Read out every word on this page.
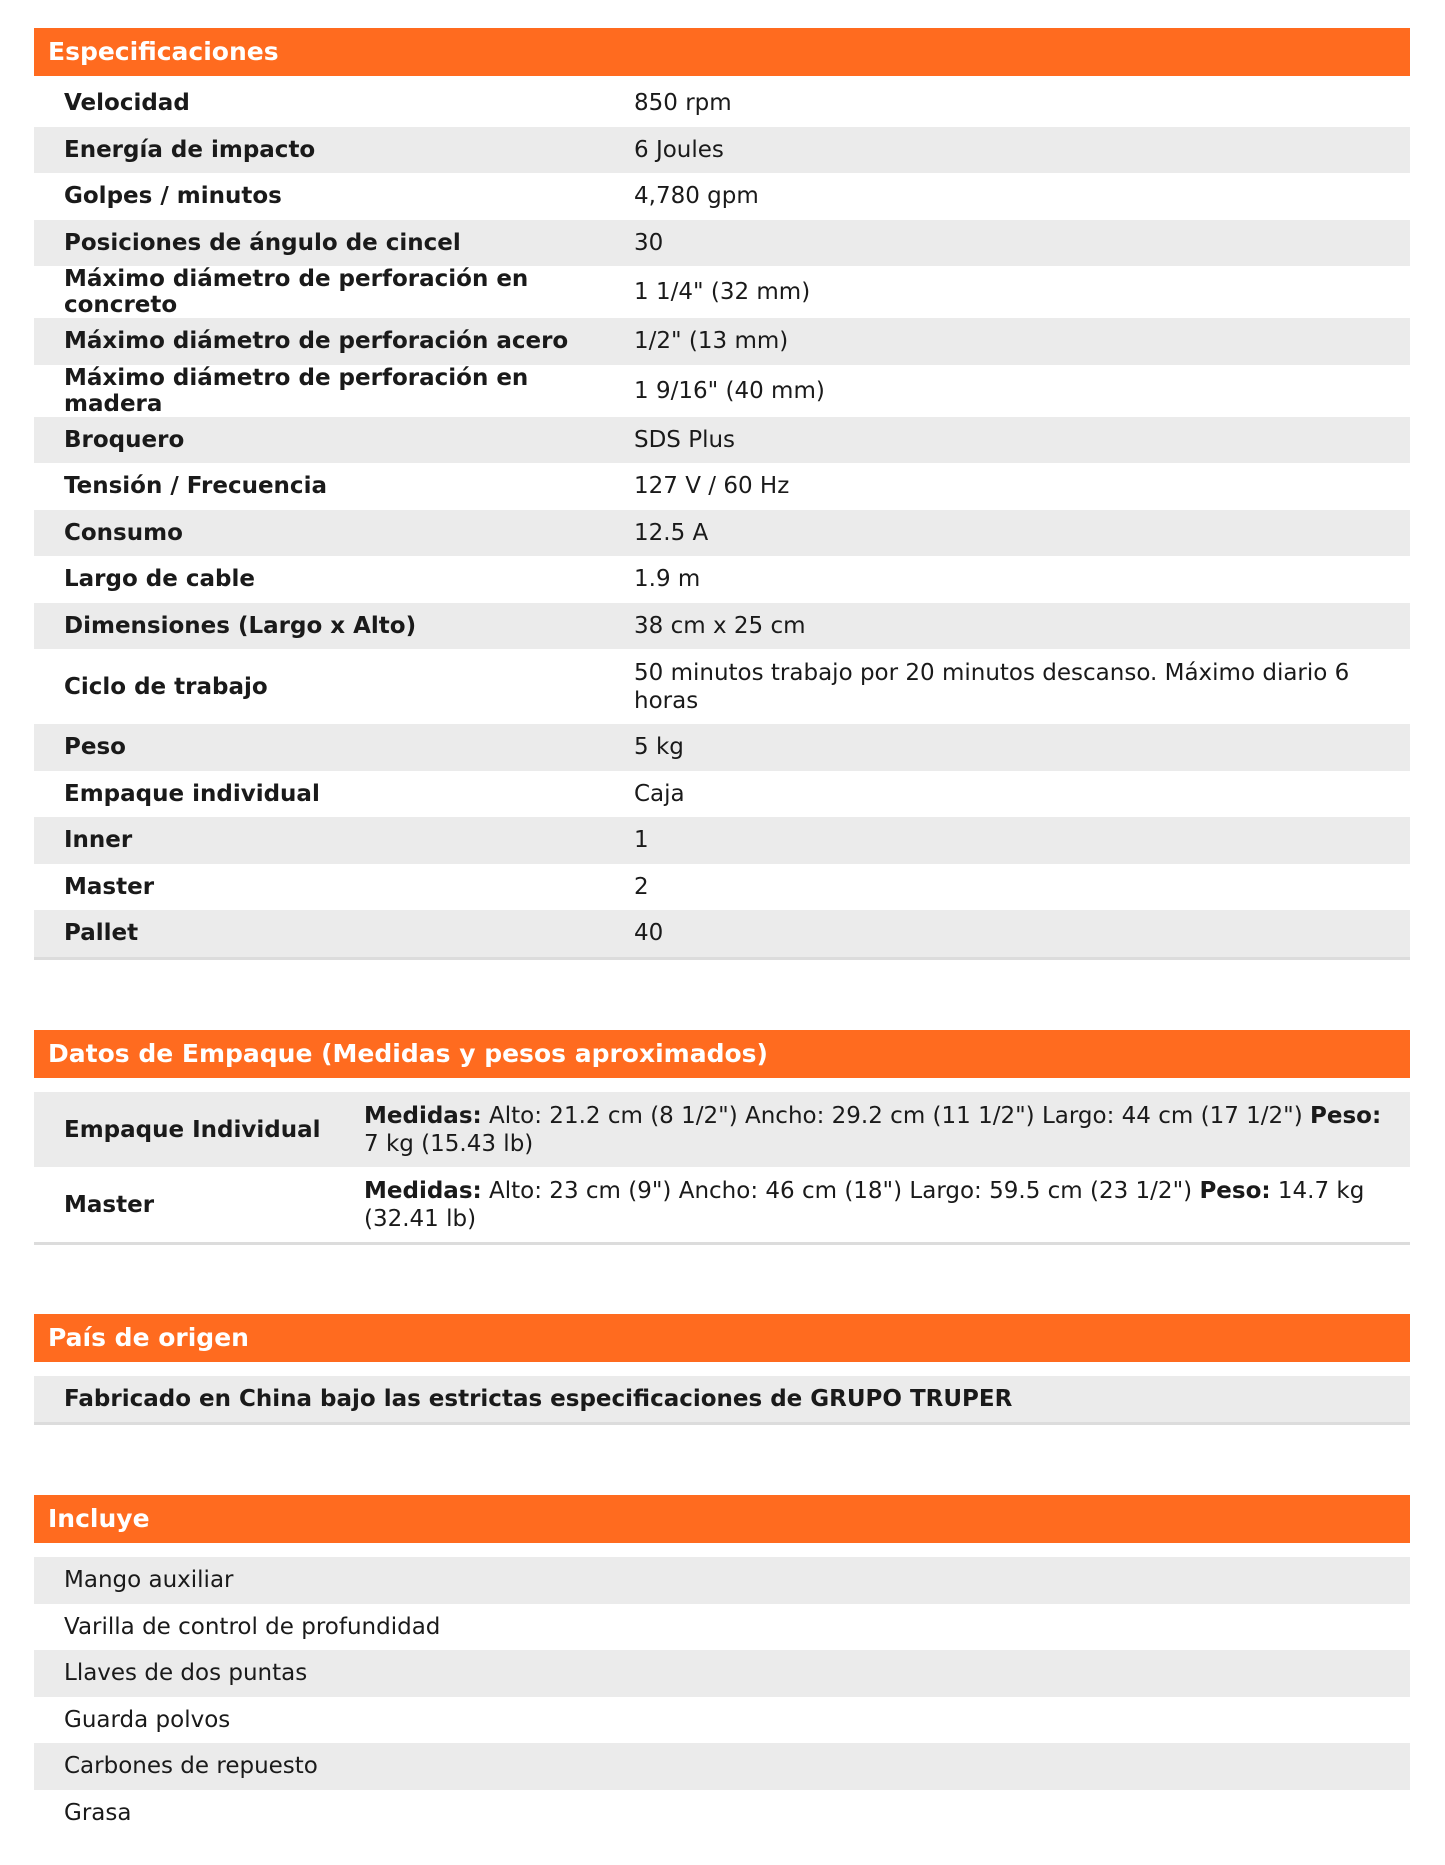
Especificaciones
Velocidad	850 rpm
Energía de impacto	6 Joules
Golpes / minutos	4,780 gpm
Posiciones de ángulo de cincel	30
Máximo diámetro de perforación en concreto	1 1/4" (32 mm)
Máximo diámetro de perforación acero	1/2" (13 mm)
Máximo diámetro de perforación en madera	1 9/16" (40 mm)
Broquero	SDS Plus
Tensión / Frecuencia	127 V / 60 Hz
Consumo	12.5 A
Largo de cable	1.9 m
Dimensiones (Largo x Alto)	38 cm x 25 cm
Ciclo de trabajo	50 minutos trabajo por 20 minutos descanso. Máximo diario 6 horas
Peso	5 kg
Empaque individual	Caja
Inner	1
Master	2
Pallet	40
Datos de Empaque (Medidas y pesos aproximados)
Empaque Individual	Medidas: Alto: 21.2 cm (8 1/2") Ancho: 29.2 cm (11 1/2") Largo: 44 cm (17 1/2") Peso: 7 kg (15.43 lb)
Master	Medidas: Alto: 23 cm (9") Ancho: 46 cm (18") Largo: 59.5 cm (23 1/2") Peso: 14.7 kg (32.41 lb)
País de origen
Fabricado en China bajo las estrictas especificaciones de GRUPO TRUPER
Incluye
Mango auxiliar
Varilla de control de profundidad
Llaves de dos puntas
Guarda polvos
Carbones de repuesto
Grasa
